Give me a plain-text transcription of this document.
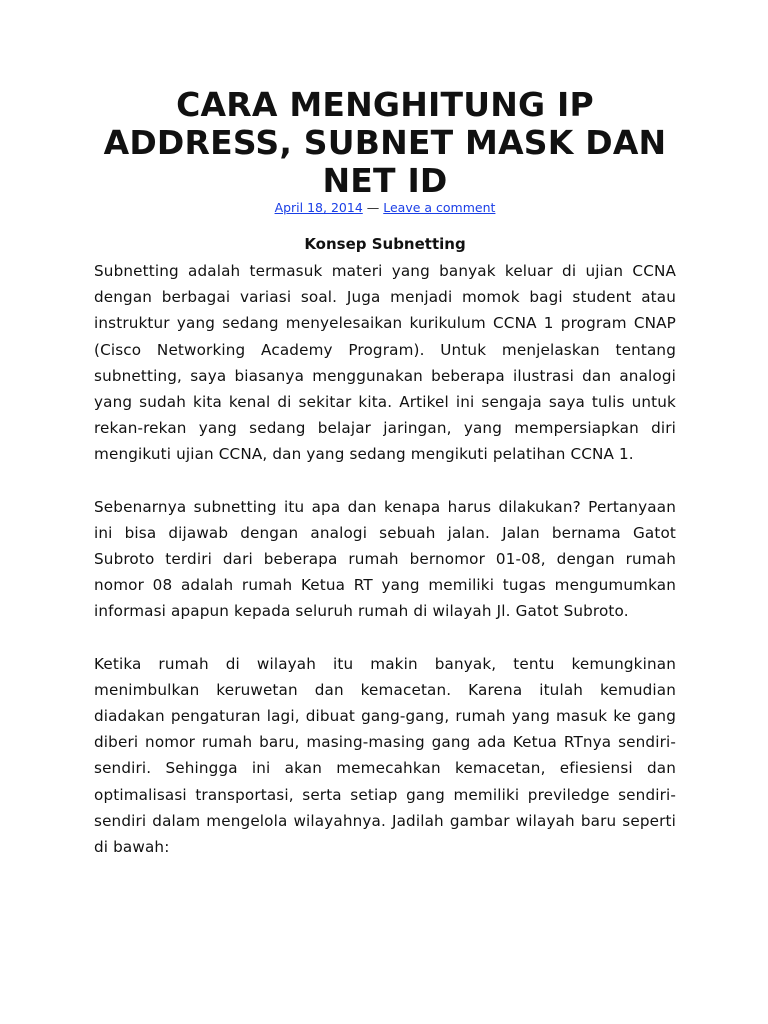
CARA MENGHITUNG IP ADDRESS, SUBNET MASK DAN NET ID
April 18, 2014 — Leave a comment
Konsep Subnetting

Subnetting adalah termasuk materi yang banyak keluar di ujian CCNA dengan berbagai variasi soal. Juga menjadi momok bagi student atau instruktur yang sedang menyelesaikan kurikulum CCNA 1 program CNAP (Cisco Networking Academy Program). Untuk menjelaskan tentang subnetting, saya biasanya menggunakan beberapa ilustrasi dan analogi yang sudah kita kenal di sekitar kita. Artikel ini sengaja saya tulis untuk rekan-rekan yang sedang belajar jaringan, yang mempersiapkan diri mengikuti ujian CCNA, dan yang sedang mengikuti pelatihan CCNA 1.

Sebenarnya subnetting itu apa dan kenapa harus dilakukan? Pertanyaan ini bisa dijawab dengan analogi sebuah jalan. Jalan bernama Gatot Subroto terdiri dari beberapa rumah bernomor 01-08, dengan rumah nomor 08 adalah rumah Ketua RT yang memiliki tugas mengumumkan informasi apapun kepada seluruh rumah di wilayah Jl. Gatot Subroto.

Ketika rumah di wilayah itu makin banyak, tentu kemungkinan menimbulkan keruwetan dan kemacetan. Karena itulah kemudian diadakan pengaturan lagi, dibuat gang-gang, rumah yang masuk ke gang diberi nomor rumah baru, masing-masing gang ada Ketua RTnya sendiri-sendiri. Sehingga ini akan memecahkan kemacetan, efiesiensi dan optimalisasi transportasi, serta setiap gang memiliki previledge sendiri-sendiri dalam mengelola wilayahnya. Jadilah gambar wilayah baru seperti di bawah:
